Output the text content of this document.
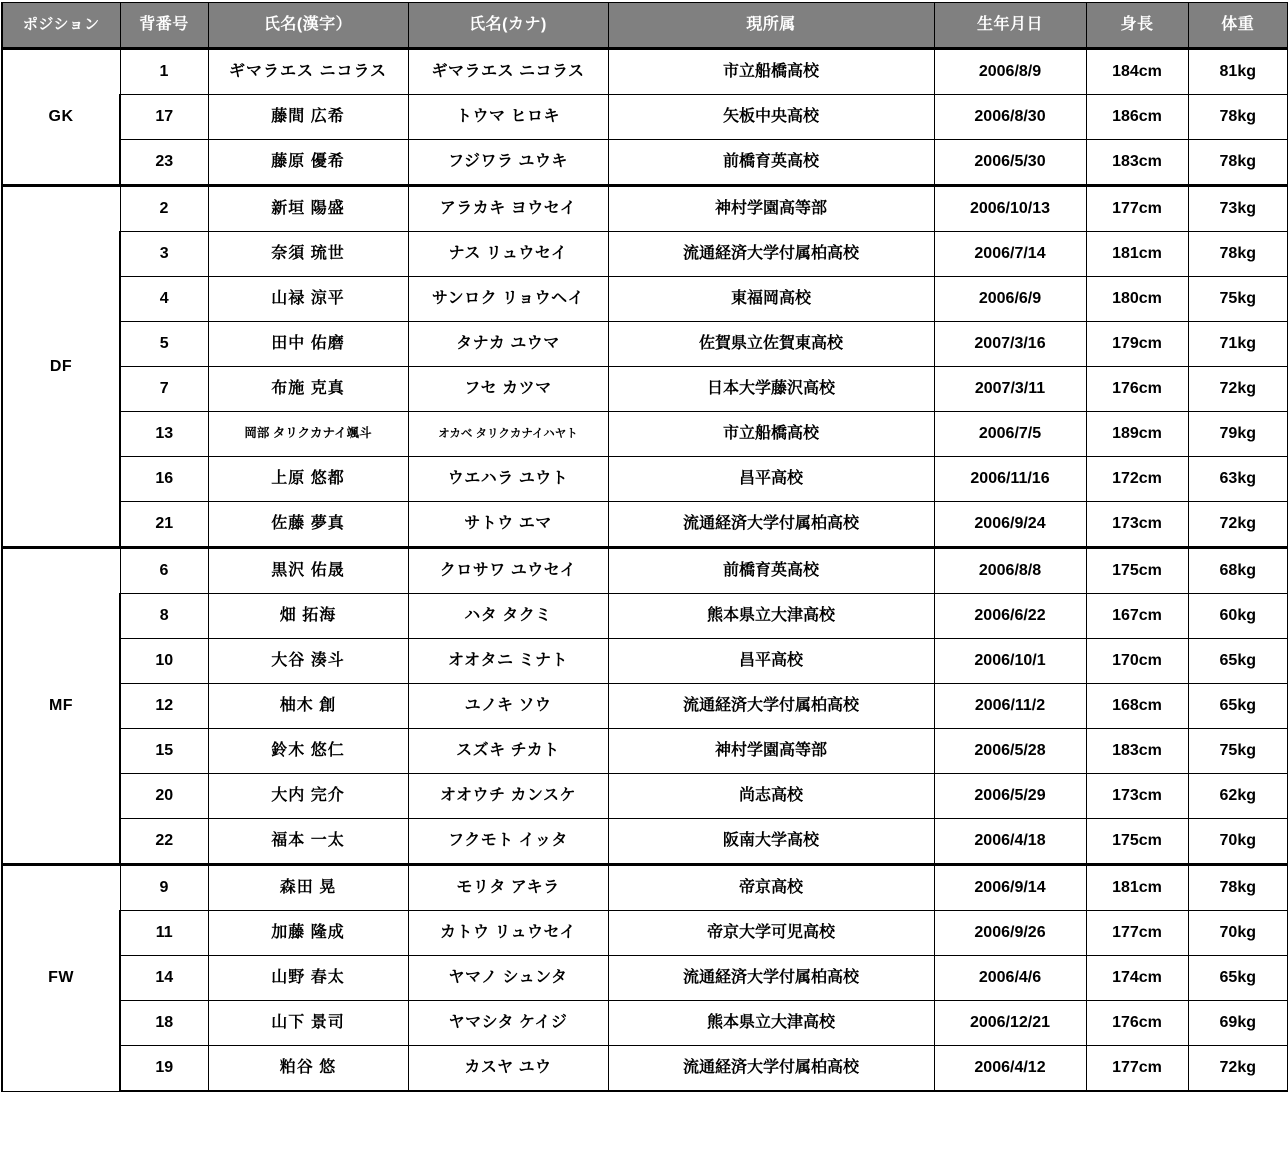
ポジション	背番号	氏名(漢字）	氏名(カナ)	現所属	生年月日	身長	体重
GK	1	ギマラエス ニコラス	ギマラエス ニコラス	市立船橋高校	2006/8/9	184cm	81kg
	17	藤間 広希	トウマ ヒロキ	矢板中央高校	2006/8/30	186cm	78kg
	23	藤原 優希	フジワラ ユウキ	前橋育英高校	2006/5/30	183cm	78kg
DF	2	新垣 陽盛	アラカキ ヨウセイ	神村学園高等部	2006/10/13	177cm	73kg
	3	奈須 琉世	ナス リュウセイ	流通経済大学付属柏高校	2006/7/14	181cm	78kg
	4	山禄 涼平	サンロク リョウヘイ	東福岡高校	2006/6/9	180cm	75kg
	5	田中 佑磨	タナカ ユウマ	佐賀県立佐賀東高校	2007/3/16	179cm	71kg
	7	布施 克真	フセ カツマ	日本大学藤沢高校	2007/3/11	176cm	72kg
	13	岡部 タリクカナイ颯斗	オカベ タリクカナイハヤト	市立船橋高校	2006/7/5	189cm	79kg
	16	上原 悠都	ウエハラ ユウト	昌平高校	2006/11/16	172cm	63kg
	21	佐藤 夢真	サトウ エマ	流通経済大学付属柏高校	2006/9/24	173cm	72kg
MF	6	黒沢 佑晟	クロサワ ユウセイ	前橋育英高校	2006/8/8	175cm	68kg
	8	畑 拓海	ハタ タクミ	熊本県立大津高校	2006/6/22	167cm	60kg
	10	大谷 湊斗	オオタニ ミナト	昌平高校	2006/10/1	170cm	65kg
	12	柚木 創	ユノキ ソウ	流通経済大学付属柏高校	2006/11/2	168cm	65kg
	15	鈴木 悠仁	スズキ チカト	神村学園高等部	2006/5/28	183cm	75kg
	20	大内 完介	オオウチ カンスケ	尚志高校	2006/5/29	173cm	62kg
	22	福本 一太	フクモト イッタ	阪南大学高校	2006/4/18	175cm	70kg
FW	9	森田 晃	モリタ アキラ	帝京高校	2006/9/14	181cm	78kg
	11	加藤 隆成	カトウ リュウセイ	帝京大学可児高校	2006/9/26	177cm	70kg
	14	山野 春太	ヤマノ シュンタ	流通経済大学付属柏高校	2006/4/6	174cm	65kg
	18	山下 景司	ヤマシタ ケイジ	熊本県立大津高校	2006/12/21	176cm	69kg
	19	粕谷 悠	カスヤ ユウ	流通経済大学付属柏高校	2006/4/12	177cm	72kg
